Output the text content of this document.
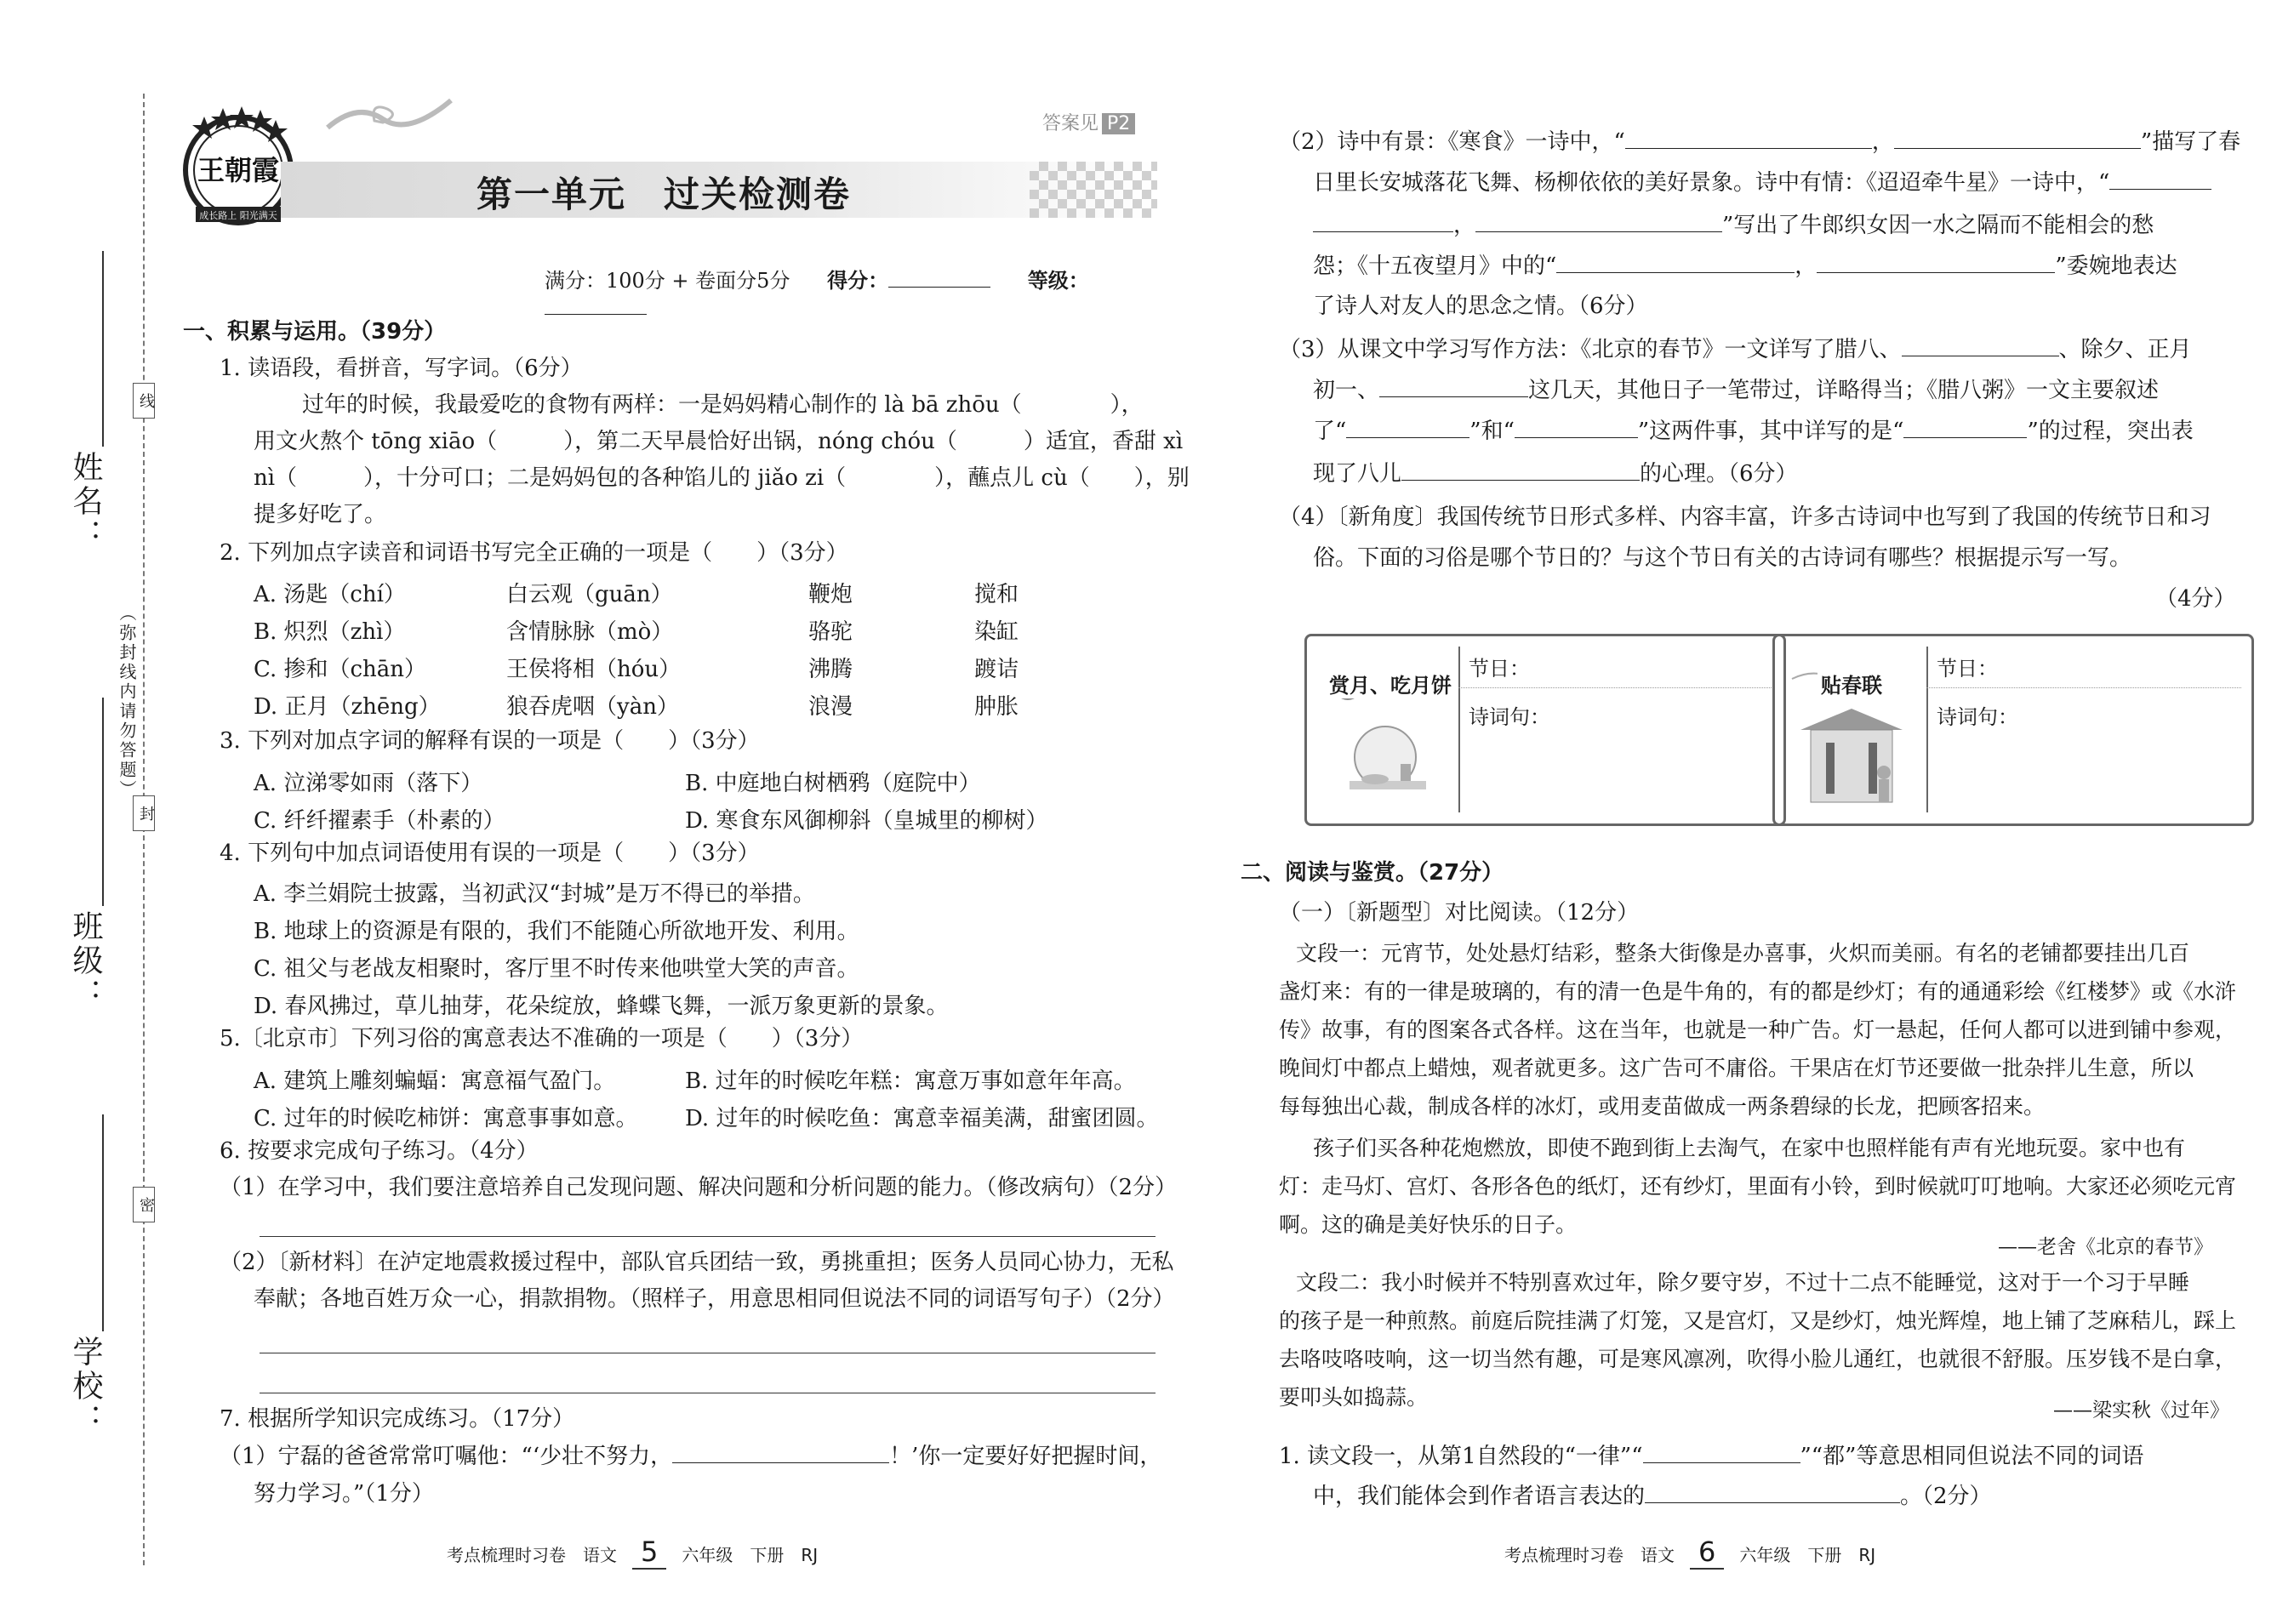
姓名：
班级：
学校：
线
封
密
（弥封线内请勿答题）
王朝霞
成长路上 阳光满天
答案见 P2
第一单元　过关检测卷
满分：100分 + 卷面分5分 得分：	等级：
一、积累与运用。（39分）
1. 读语段，看拼音，写字词。（6分）
过年的时候，我最爱吃的食物有两样：一是妈妈精心制作的 là bā zhōu（　　　　），
用文火熬个 tōng xiāo（　　　），第二天早晨恰好出锅，nóng chóu（　　　）适宜，香甜 xì
nì（　　　），十分可口；二是妈妈包的各种馅儿的 jiǎo zi（　　　　），蘸点儿 cù（　　），别
提多好吃了。
2. 下列加点字读音和词语书写完全正确的一项是（　　）（3分）
A. 汤匙（chí）	白云观（guān）	鞭炮	搅和
B. 炽烈（zhì）	含情脉脉（mò）	骆驼	染缸
C. 掺和（chān）	王侯将相（hóu）	沸腾	踱诘
D. 正月（zhēng）	狼吞虎咽（yàn）	浪漫	肿胀
3. 下列对加点字词的解释有误的一项是（　　）（3分）
A. 泣涕零如雨（落下）	B. 中庭地白树栖鸦（庭院中）
C. 纤纤擢素手（朴素的）	D. 寒食东风御柳斜（皇城里的柳树）
4. 下列句中加点词语使用有误的一项是（　　）（3分）
A. 李兰娟院士披露，当初武汉“封城”是万不得已的举措。
B. 地球上的资源是有限的，我们不能随心所欲地开发、利用。
C. 祖父与老战友相聚时，客厅里不时传来他哄堂大笑的声音。
D. 春风拂过，草儿抽芽，花朵绽放，蜂蝶飞舞，一派万象更新的景象。
5.〔北京市〕下列习俗的寓意表达不准确的一项是（　　）（3分）
A. 建筑上雕刻蝙蝠：寓意福气盈门。	B. 过年的时候吃年糕：寓意万事如意年年高。
C. 过年的时候吃柿饼：寓意事事如意。 D. 过年的时候吃鱼：寓意幸福美满，甜蜜团圆。
6. 按要求完成句子练习。（4分）
（1）在学习中，我们要注意培养自己发现问题、解决问题和分析问题的能力。（修改病句）（2分）
（2）〔新材料〕在泸定地震救援过程中，部队官兵团结一致，勇挑重担；医务人员同心协力，无私
奉献；各地百姓万众一心，捐款捐物。（照样子，用意思相同但说法不同的词语写句子）（2分）
7. 根据所学知识完成练习。（17分）
（1）宁磊的爸爸常常叮嘱他：“‘少壮不努力，	！’你一定要好好把握时间，
努力学习。”（1分）
考点梳理时习卷　语文 5 六年级　下册　RJ
（2）诗中有景：《寒食》一诗中，“	，	”描写了春
日里长安城落花飞舞、杨柳依依的美好景象。诗中有情：《迢迢牵牛星》一诗中，“
，	”写出了牛郎织女因一水之隔而不能相会的愁
怨；《十五夜望月》中的“	，	”委婉地表达
了诗人对友人的思念之情。（6分）
（3）从课文中学习写作方法：《北京的春节》一文详写了腊八、	、除夕、正月
初一、	这几天，其他日子一笔带过，详略得当；《腊八粥》一文主要叙述
了“	”和“	”这两件事，其中详写的是“	”的过程，突出表
现了八儿	的心理。（6分）
（4）〔新角度〕我国传统节日形式多样、内容丰富，许多古诗词中也写到了我国的传统节日和习
俗。下面的习俗是哪个节日的？与这个节日有关的古诗词有哪些？根据提示写一写。
（4分）
赏月、吃月饼
节日：
诗词句：
贴春联
节日：
诗词句：
二、阅读与鉴赏。（27分）
（一）〔新题型〕对比阅读。（12分）
文段一：元宵节，处处悬灯结彩，整条大街像是办喜事，火炽而美丽。有名的老铺都要挂出几百
盏灯来：有的一律是玻璃的，有的清一色是牛角的，有的都是纱灯；有的通通彩绘《红楼梦》或《水浒
传》故事，有的图案各式各样。这在当年，也就是一种广告。灯一悬起，任何人都可以进到铺中参观，
晚间灯中都点上蜡烛，观者就更多。这广告可不庸俗。干果店在灯节还要做一批杂拌儿生意，所以
每每独出心裁，制成各样的冰灯，或用麦苗做成一两条碧绿的长龙，把顾客招来。
孩子们买各种花炮燃放，即使不跑到街上去淘气，在家中也照样能有声有光地玩耍。家中也有
灯：走马灯、宫灯、各形各色的纸灯，还有纱灯，里面有小铃，到时候就叮叮地响。大家还必须吃元宵
啊。这的确是美好快乐的日子。
——老舍《北京的春节》
文段二：我小时候并不特别喜欢过年，除夕要守岁，不过十二点不能睡觉，这对于一个习于早睡
的孩子是一种煎熬。前庭后院挂满了灯笼，又是宫灯，又是纱灯，烛光辉煌，地上铺了芝麻秸儿，踩上
去咯吱咯吱响，这一切当然有趣，可是寒风凛冽，吹得小脸儿通红，也就很不舒服。压岁钱不是白拿，
要叩头如捣蒜。
——梁实秋《过年》
1. 读文段一，从第1自然段的“一律”“	”“都”等意思相同但说法不同的词语
中，我们能体会到作者语言表达的	。（2分）
考点梳理时习卷　语文 6 六年级　下册　RJ
